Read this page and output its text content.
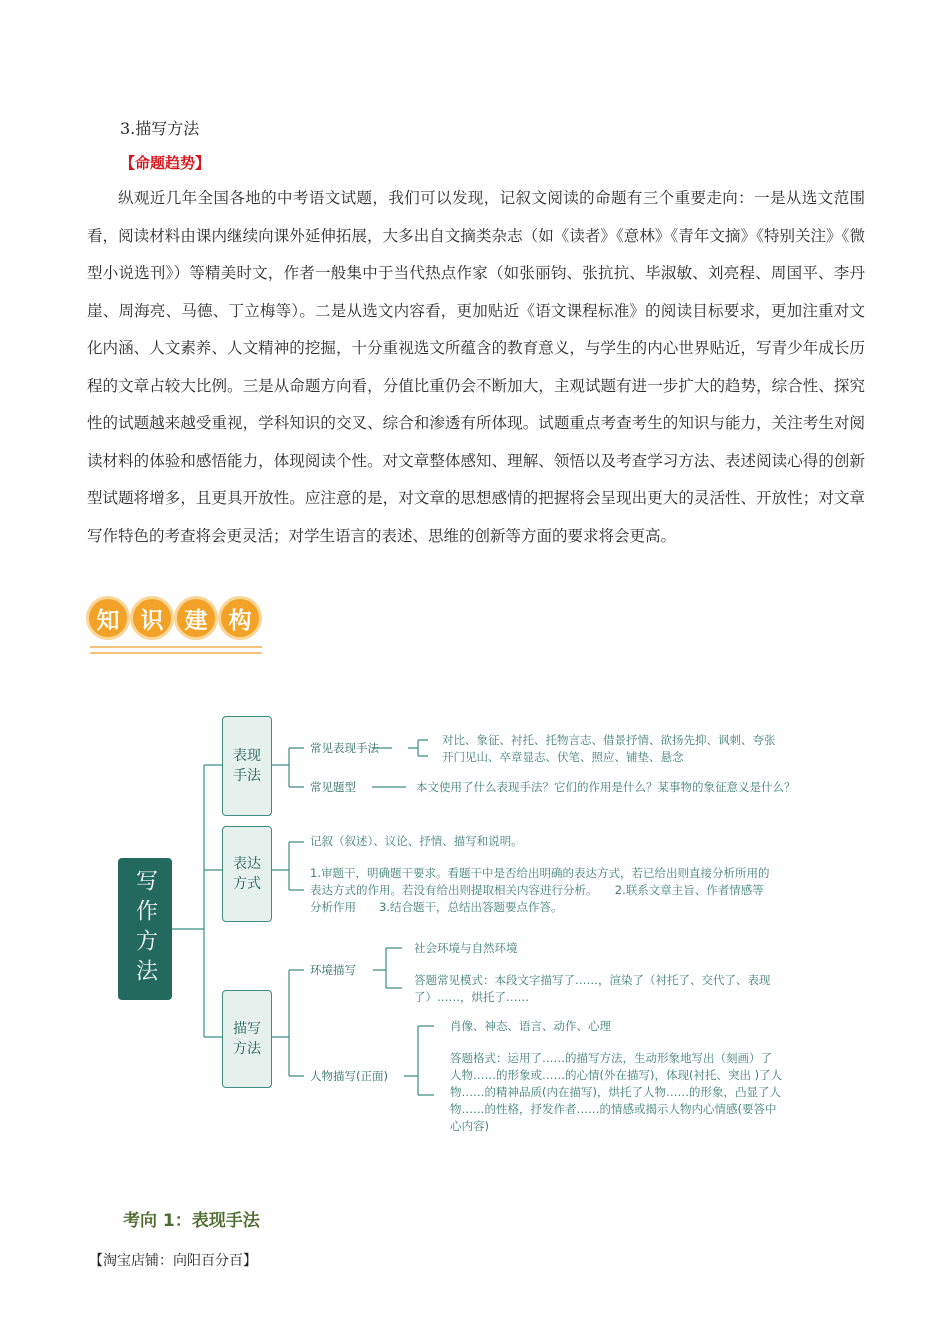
3.描写方法
【命题趋势】
纵观近几年全国各地的中考语文试题，我们可以发现，记叙文阅读的命题有三个重要走向：一是从选文范围看，阅读材料由课内继续向课外延伸拓展，大多出自文摘类杂志（如《读者》《意林》《青年文摘》《特别关注》《微型小说选刊》）等精美时文，作者一般集中于当代热点作家（如张丽钧、张抗抗、毕淑敏、刘亮程、周国平、李丹崖、周海亮、马德、丁立梅等）。二是从选文内容看，更加贴近《语文课程标准》的阅读目标要求，更加注重对文化内涵、人文素养、人文精神的挖掘，十分重视选文所蕴含的教育意义，与学生的内心世界贴近，写青少年成长历程的文章占较大比例。三是从命题方向看，分值比重仍会不断加大，主观试题有进一步扩大的趋势，综合性、探究性的试题越来越受重视，学科知识的交叉、综合和渗透有所体现。试题重点考查考生的知识与能力，关注考生对阅读材料的体验和感悟能力，体现阅读个性。对文章整体感知、理解、领悟以及考查学习方法、表述阅读心得的创新型试题将增多，且更具开放性。应注意的是，对文章的思想感情的把握将会呈现出更大的灵活性、开放性；对文章写作特色的考查将会更灵活；对学生语言的表述、思维的创新等方面的要求将会更高。
知 识 建 构
写作方法
表现手法
表达方式
描写方法
常见表现手法
对比、象征、衬托、托物言志、借景抒情、欲扬先抑、讽刺、夸张
开门见山、卒章显志、伏笔、照应、铺垫、悬念
常见题型	本文使用了什么表现手法？它们的作用是什么？某事物的象征意义是什么？
记叙（叙述）、议论、抒情、描写和说明。
1.审题干，明确题干要求。看题干中是否给出明确的表达方式，若已给出则直接分析所用的
表达方式的作用。若没有给出则提取相关内容进行分析。　　2.联系文章主旨、作者情感等
分析作用　　3.结合题干，总结出答题要点作答。
环境描写
社会环境与自然环境
答题常见模式：本段文字描写了……，渲染了（衬托了、交代了、表现
了）……，烘托了……
人物描写(正面)
肖像、神态、语言、动作、心理
答题格式：运用了……的描写方法，生动形象地写出（刻画）了
人物……的形象或……的心情(外在描写)，体现(衬托、突出 )了人
物……的精神品质(内在描写)，烘托了人物……的形象，凸显了人
物……的性格，抒发作者……的情感或揭示人物内心情感(要答中
心内容)
考向 1：表现手法
【淘宝店铺：向阳百分百】
